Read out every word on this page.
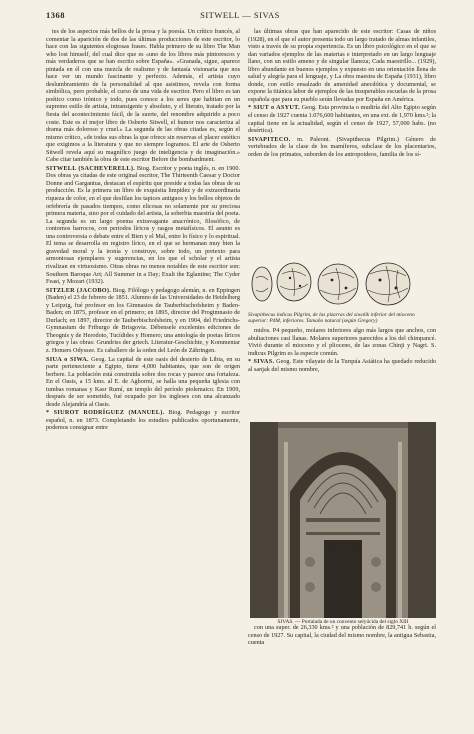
1368	SITWELL — SIVAS

tes de los aspectos más bellos de la prosa y la poesía. Un crítico francés, al comentar la aparición de dos de las últimas producciones de este escritor, lo hace con las siguientes elogiosas frases. Habla primero de su libro The Man who lost himself, del cual dice que es «uno de los libros más pintorescos y más verdaderos que se han escrito sobre España». «Granada, sigue, aparece pintada en él con una mezcla de realismo y de fantasía visionaria que nos hace ver un mundo fascinante y perfecto. Además, el artista cuyo deslumbramiento de la personalidad al que asistimos, revela con forma simbólica, pero probable, el curso de una vida de escritor. Pero el libro es tan poético como irónico y todo, pues conoce a los seres que habitan en un supremo estilo de artista, intransigente y absoluto, y el literato, tratado por la fiesta del acontecimiento fácil, de la suerte, del renombre adquirido a poco coste. Este es el mejor libro de Osberto Sitwell, el humor nos caracteriza al drama más doloroso y cruel.» La segunda de las obras citadas es, según el mismo crítico, «de todas sus obras la que ofrece sin reservas el placer estético que exigimos a la literatura y que no siempre logramos. El arte de Osberto Sitwell revela aquí su magnífico juego de inteligencia y de imaginación.» Cabe citar también la obra de este escritor Before the bombardment.

SITWELL (SACHEVERELL). Biog. Escritor y poeta inglés, n. en 1900. Dos obras ya citadas de este original escritor, The Thirteenth Caesar y Doctor Donne and Gargantua, destacan el espíritu que preside a todas las obras de su producción. Es la primera un libro de exquisita limpidez y de extraordinaria riqueza de color, en el que desfilan los tapices antiguos y los bellos objetos de orfebrería de pasados tiempos, como elicosas no solamente por su preciosa primera materia, sino por el cuidado del artista, la soberbia maestría del poeta. La segunda es un largo poema extravagante anacrónico, filosófico, de contornos barrocos, con periodos líricos y rasgos metafísicos. El asunto es una controversia o debate entre el Bien y el Mal, entre lo físico y lo espiritual. El tema se desarrolla en registro lírico, en el que se hermanan muy bien la gravedad moral y la ironía y construye, sobre todo, un pretexto para armoniosas ejemplares y sugerencias, en los que el scholar y el artista rivalizan en virtuosismo. Otras obras no menos notables de este escritor son: Southern Baroque Art; All Summer in a Day; Exalt the Eglantine; The Cyder Feast, y Mozart (1932).

SITZLER (JACOBO). Biog. Filólogo y pedagogo alemán, n. en Eppingen (Baden) el 23 de febrero de 1851. Alumno de las Universidades de Heidelberg y Leipzig, fué profesor en los Gimnasios de Tauberbischofsheim y Baden-Baden; en 1875, profesor en el primero; en 1895, director del Progimnasio de Durlach; en 1897, director de Tauberbischofsheim, y en 1904, del Friedrichs-Gymnasium de Friburgo de Brisgovia. Débensele excelentes ediciones de Theognis y de Herodoto, Tucídides y Homero; una antología de poetas líricos griegos y las obras: Grundriss der griech. Literatur-Geschichte, y Kommentar z. Homers Odyssee. Es caballero de la orden del León de Zähringen.

SIUA o SIWA. Geog. La capital de este oasis del desierto de Libia, en su parte perteneciente a Egipto, tiene 4,000 habitantes, que son de origen berbere. La población está construida sobre dos rocas y parece una fortaleza. En el Oasis, a 15 kms. al E. de Aghormí, se halla una pequeña iglesia con tumbas romanas y Kasr Rumí, un templo del período ptolemaico. En 1909, después de ser sometido, fué ocupado por los ingleses con una alcanzado desde Alejandría al Oasis.

* SIUROT RODRÍGUEZ (MANUEL). Biog. Pedagogo y escritor español, n. en 1873. Completando los estudios publicados oportunamente, podemos consignar entre

las últimas obras que han aparecido de este escritor: Casas de niños (1928), en el que el autor presenta todo un largo tratado de almas infantiles, visto a través de su propia experiencia. Es un libro psicológico en el que se dan variados ejemplos de las materias e interpretado en un largo lenguaje llano, con un estilo ameno y de singular llaneza; Cada maestrillo... (1929), libro abundante en buenos ejemplos y expuesto en una orientación llena de salud y alegría para el lenguaje, y La obra maestra de España (1931), libro donde, con estilo ensalzado de amenidad anecdótica y documental, se expone la titánica labor de ejemplos de las insuperables escuelas de la prosa española que para su pueblo serán llevadas por España en América.

* SIUT o ASYUT. Geog. Esta provincia o mudiría del Alto Egipto según el censo de 1927 cuenta 1.076,600 habitantes, en una ext. de 1,970 kms.²; la capital tiene en la actualidad, según el censo de 1927, 57,000 habs. (no desértica).

SIVAPITECO. m. Paleont. (Sivapithecus Pilgrim.) Género de vertebrados de la clase de los mamíferos, subclase de los placentarios, orden de los primates, suborden de los antropoideos, familia de los sí-

Sivapithecus indicus Pilgrim, de las pizarras del siwalik inferior del mioceno superior: P4M, inferiores. Tamaño natural (según Gregory)

midos. P4 pequeño, molares inferiores algo más largos que anchos, con abultaciones casi llanas. Molares superiores parecidos a los del chimpancé. Vivió durante el mioceno y el plioceno, de las zonas Chinji y Nagri. S. indicus Pilgrim es la especie común.

* SIVAS. Geog. Este vilayato de la Turquía Asiática ha quedado reducido al sanjak del mismo nombre,

SIVAS. — Portalada de un convento selyúcida del siglo XIII

con una super. de 26,330 kms.² y una población de 829,741 h. según el censo de 1927. Su capital, la ciudad del mismo nombre, la antigua Sebastia, cuenta
